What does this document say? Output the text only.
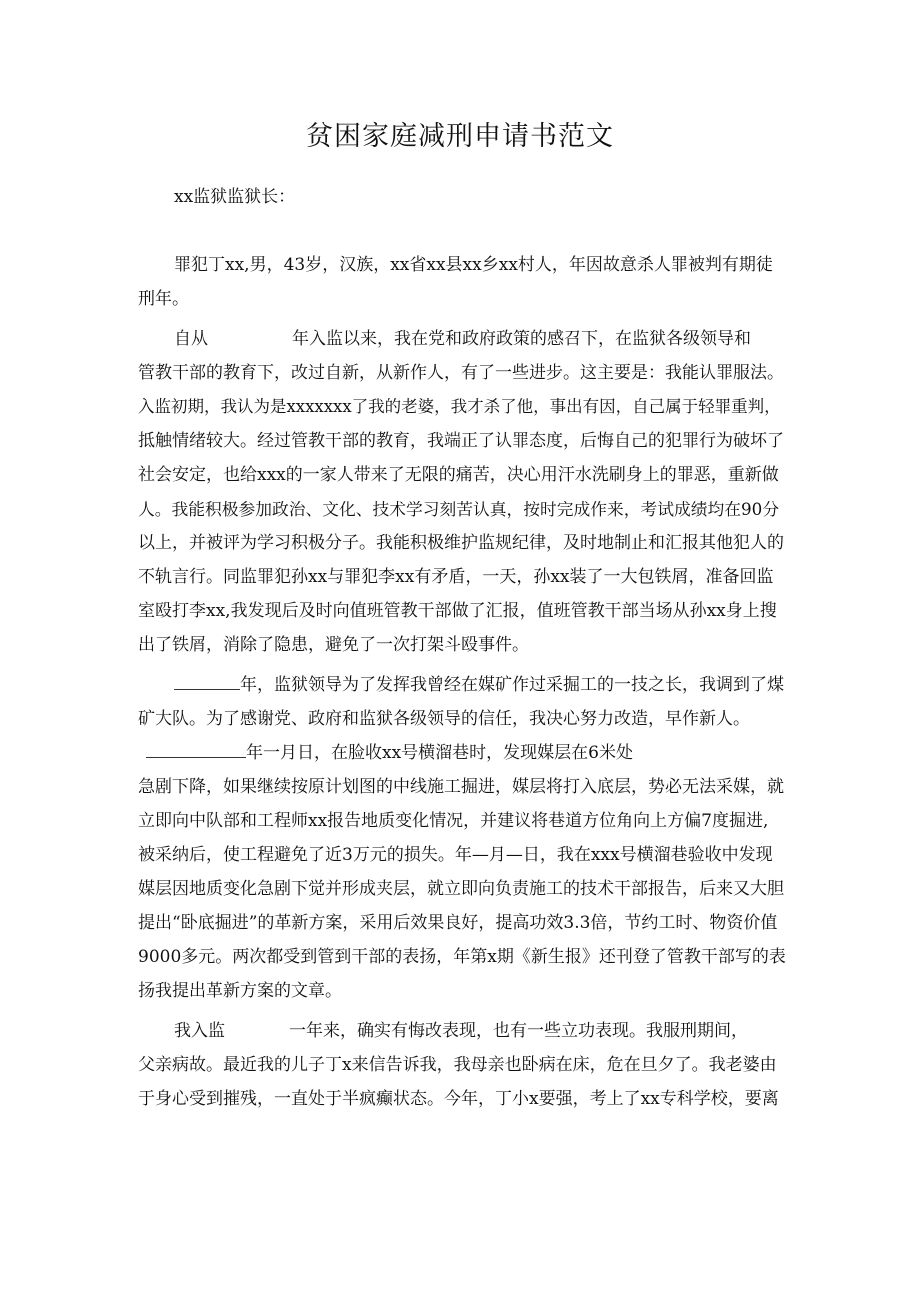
贫困家庭减刑申请书范文
xx监狱监狱长：

罪犯丁xx,男，43岁，汉族，xx省xx县xx乡xx村人，年因故意杀人罪被判有期徒

刑年。

自从	年入监以来，我在党和政府政策的感召下，在监狱各级领导和

管教干部的教育下，改过自新，从新作人，有了一些进步。这主要是：我能认罪服法。

入监初期，我认为是xxxxxxx了我的老婆，我才杀了他，事出有因，自己属于轻罪重判，

抵触情绪较大。经过管教干部的教育，我端正了认罪态度，后悔自己的犯罪行为破坏了

社会安定，也给xxx的一家人带来了无限的痛苦，决心用汗水洗刷身上的罪恶，重新做

人。我能积极参加政治、文化、技术学习刻苦认真，按时完成作来，考试成绩均在90分

以上，并被评为学习积极分子。我能积极维护监规纪律，及时地制止和汇报其他犯人的

不轨言行。同监罪犯孙xx与罪犯李xx有矛盾，一天，孙xx装了一大包铁屑，准备回监

室殴打李xx,我发现后及时向值班管教干部做了汇报，值班管教干部当场从孙xx身上搜

出了铁屑，消除了隐患，避免了一次打架斗殴事件。

年，监狱领导为了发挥我曾经在媒矿作过采掘工的一技之长，我调到了煤

矿大队。为了感谢党、政府和监狱各级领导的信任，我决心努力改造，早作新人。

年一月日，在脸收xx号横溜巷时，发现媒层在6米处

急剧下降，如果继续按原计划图的中线施工掘进，媒层将打入底层，势必无法采媒，就

立即向中队部和工程师xx报告地质变化情况，并建议将巷道方位角向上方偏7度掘进,

被采纳后，使工程避免了近3万元的损失。年—月—日，我在xxx号横溜巷验收中发现

媒层因地质变化急剧下觉并形成夹层，就立即向负责施工的技术干部报告，后来又大胆

提出“卧底掘进”的革新方案，采用后效果良好，提高功效3.3倍，节约工时、物资价值

9000多元。两次都受到管到干部的表扬，年第x期《新生报》还刊登了管教干部写的表

扬我提出革新方案的文章。

我入监	一年来，确实有悔改表现，也有一些立功表现。我服刑期间，

父亲病故。最近我的儿子丁x来信告诉我，我母亲也卧病在床，危在旦夕了。我老婆由

于身心受到摧残，一直处于半疯癫状态。今年，丁小x要强，考上了xx专科学校，要离
